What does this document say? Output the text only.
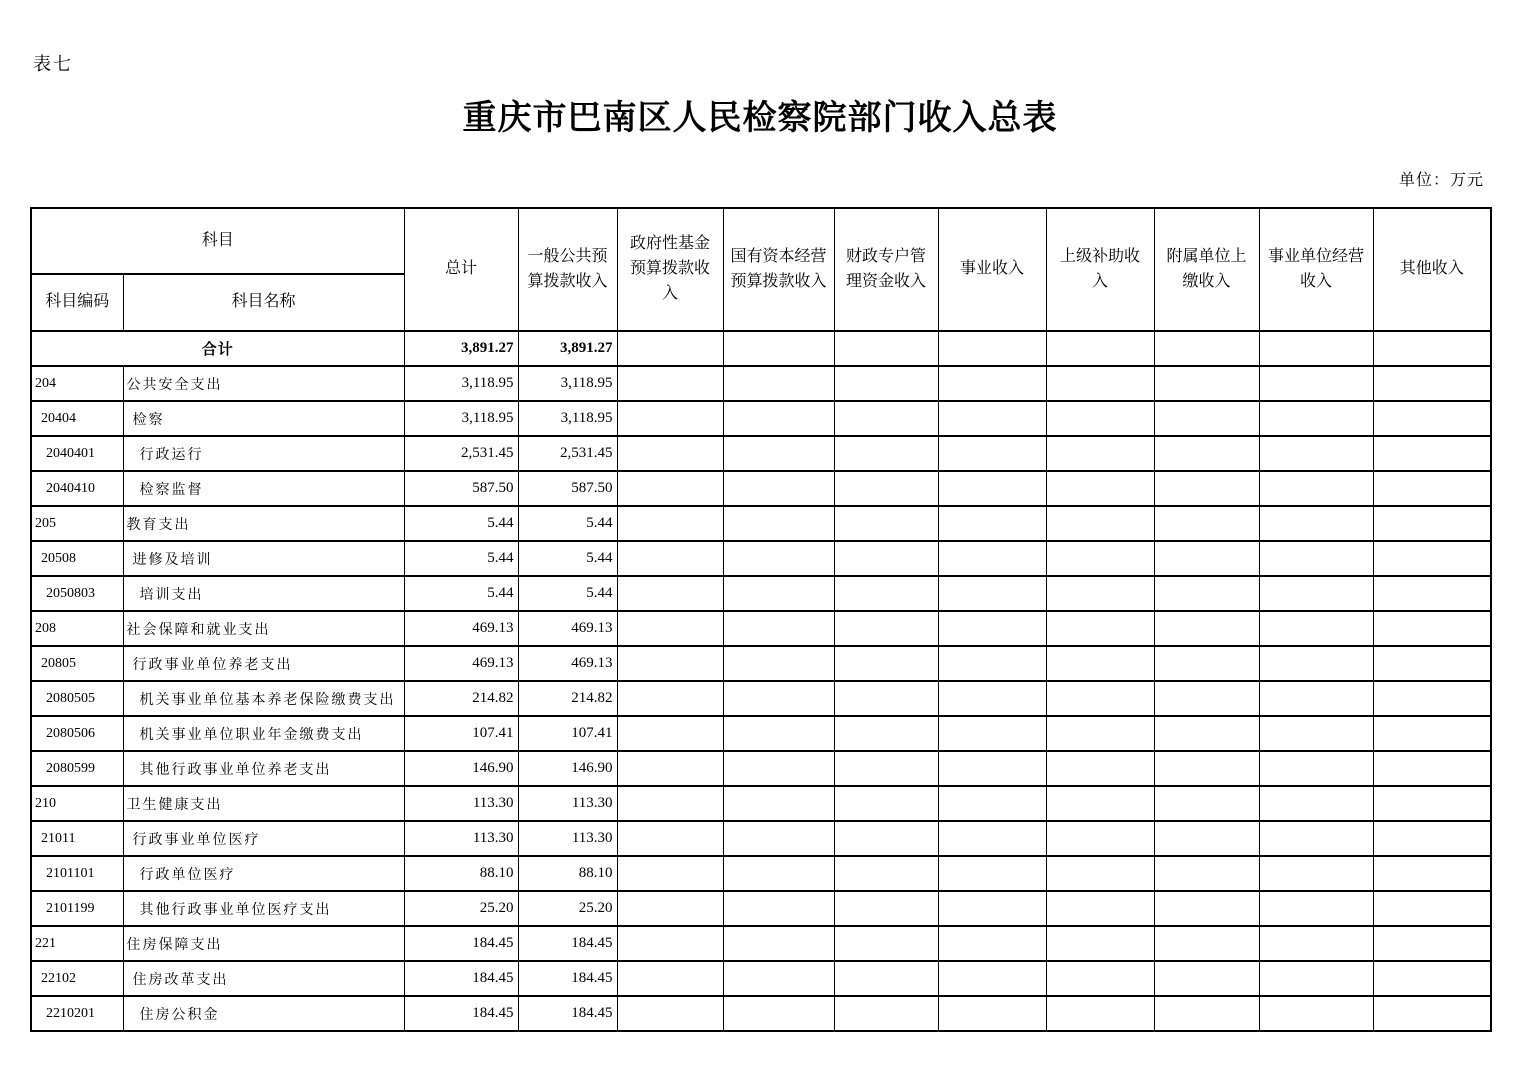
表七
重庆市巴南区人民检察院部门收入总表
单位：万元
科目		总计	一般公共预算拨款收入	政府性基金预算拨款收入	国有资本经营预算拨款收入	财政专户管理资金收入	事业收入	上级补助收入	附属单位上缴收入	事业单位经营收入	其他收入
科目编码	科目名称										
合计		3,891.27	3,891.27								
204	公共安全支出	3,118.95	3,118.95								
20404	检察	3,118.95	3,118.95								
2040401	行政运行	2,531.45	2,531.45								
2040410	检察监督	587.50	587.50								
205	教育支出	5.44	5.44								
20508	进修及培训	5.44	5.44								
2050803	培训支出	5.44	5.44								
208	社会保障和就业支出	469.13	469.13								
20805	行政事业单位养老支出	469.13	469.13								
2080505	机关事业单位基本养老保险缴费支出	214.82	214.82								
2080506	机关事业单位职业年金缴费支出	107.41	107.41								
2080599	其他行政事业单位养老支出	146.90	146.90								
210	卫生健康支出	113.30	113.30								
21011	行政事业单位医疗	113.30	113.30								
2101101	行政单位医疗	88.10	88.10								
2101199	其他行政事业单位医疗支出	25.20	25.20								
221	住房保障支出	184.45	184.45								
22102	住房改革支出	184.45	184.45								
2210201	住房公积金	184.45	184.45								
